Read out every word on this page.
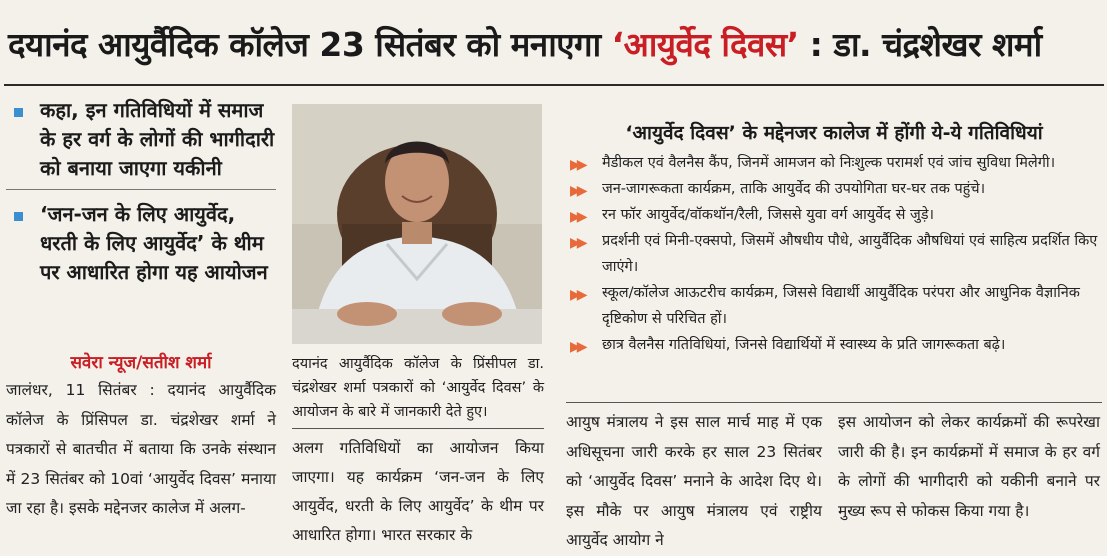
दयानंद आयुर्वैदिक कॉलेज 23 सितंबर को मनाएगा ‘आयुर्वेद दिवस’ : डा. चंद्रशेखर शर्मा
कहा, इन गतिविधियों में समाज के हर वर्ग के लोगों की भागीदारी को बनाया जाएगा यकीनी
‘जन-जन के लिए आयुर्वेद, धरती के लिए आयुर्वेद’ के थीम पर आधारित होगा यह आयोजन
सवेरा न्यूज/सतीश शर्मा
जालंधर, 11 सितंबर : दयानंद आयुर्वैदिक कॉलेज के प्रिंसिपल डा. चंद्रशेखर शर्मा ने पत्रकारों से बातचीत में बताया कि उनके संस्थान में 23 सितंबर को 10वां ‘आयुर्वेद दिवस’ मनाया जा रहा है। इसके मद्देनजर कालेज में अलग-
दयानंद आयुर्वैदिक कॉलेज के प्रिंसीपल डा. चंद्रशेखर शर्मा पत्रकारों को ‘आयुर्वेद दिवस’ के आयोजन के बारे में जानकारी देते हुए।
अलग गतिविधियों का आयोजन किया जाएगा। यह कार्यक्रम ‘जन-जन के लिए आयुर्वेद, धरती के लिए आयुर्वेद’ के थीम पर आधारित होगा। भारत सरकार के
‘आयुर्वेद दिवस’ के मद्देनजर कालेज में होंगी ये-ये गतिविधियां
▶▶ मैडीकल एवं वैलनैस कैंप, जिनमें आमजन को निःशुल्क परामर्श एवं जांच सुविधा मिलेगी।
▶▶ जन-जागरूकता कार्यक्रम, ताकि आयुर्वेद की उपयोगिता घर-घर तक पहुंचे।
▶▶ रन फॉर आयुर्वेद/वॉकथॉन/रैली, जिससे युवा वर्ग आयुर्वेद से जुड़े।
▶▶ प्रदर्शनी एवं मिनी-एक्सपो, जिसमें औषधीय पौधे, आयुर्वैदिक औषधियां एवं साहित्य प्रदर्शित किए जाएंगे।
▶▶ स्कूल/कॉलेज आऊटरीच कार्यक्रम, जिससे विद्यार्थी आयुर्वैदिक परंपरा और आधुनिक वैज्ञानिक दृष्टिकोण से परिचित हों।
▶▶ छात्र वैलनैस गतिविधियां, जिनसे विद्यार्थियों में स्वास्थ्य के प्रति जागरूकता बढ़े।
आयुष मंत्रालय ने इस साल मार्च माह में एक अधिसूचना जारी करके हर साल 23 सितंबर को ‘आयुर्वेद दिवस’ मनाने के आदेश दिए थे। इस मौके पर आयुष मंत्रालय एवं राष्ट्रीय आयुर्वेद आयोग ने
इस आयोजन को लेकर कार्यक्रमों की रूपरेखा जारी की है। इन कार्यक्रमों में समाज के हर वर्ग के लोगों की भागीदारी को यकीनी बनाने पर मुख्य रूप से फोकस किया गया है।
